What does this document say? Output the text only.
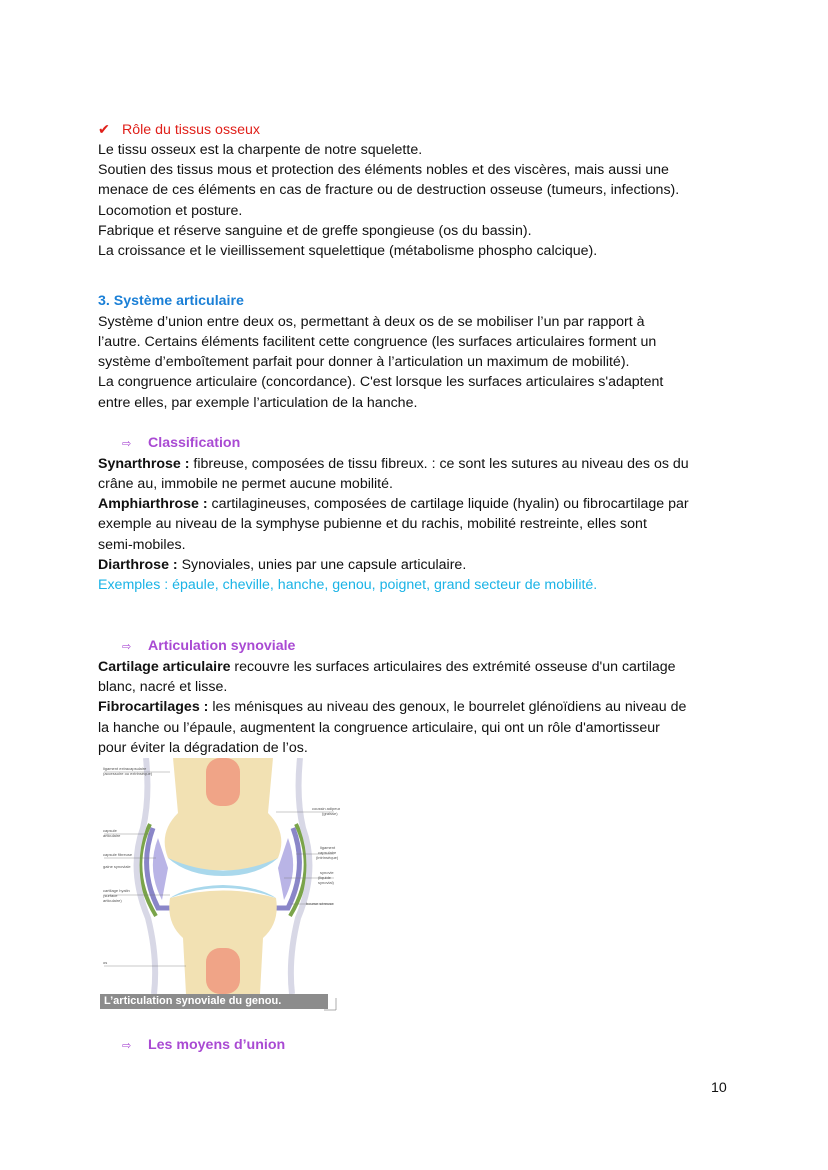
✔ Rôle du tissus osseux
Le tissu osseux est la charpente de notre squelette.
Soutien des tissus mous et protection des éléments nobles et des viscères, mais aussi une
menace de ces éléments en cas de fracture ou de destruction osseuse (tumeurs, infections).
Locomotion et posture.
Fabrique et réserve sanguine et de greffe spongieuse (os du bassin).
La croissance et le vieillissement squelettique (métabolisme phospho calcique).
3. Système articulaire
Système d’union entre deux os, permettant à deux os de se mobiliser l’un par rapport à
l’autre. Certains éléments facilitent cette congruence (les surfaces articulaires forment un
système d’emboîtement parfait pour donner à l’articulation un maximum de mobilité).
La congruence articulaire (concordance). C'est lorsque les surfaces articulaires s'adaptent
entre elles, par exemple l’articulation de la hanche.
⇨ Classification
Synarthrose : fibreuse, composées de tissu fibreux. : ce sont les sutures au niveau des os du
crâne au, immobile ne permet aucune mobilité.
Amphiarthrose : cartilagineuses, composées de cartilage liquide (hyalin) ou fibrocartilage par
exemple au niveau de la symphyse pubienne et du rachis, mobilité restreinte, elles sont
semi-mobiles.
Diarthrose : Synoviales, unies par une capsule articulaire.
Exemples : épaule, cheville, hanche, genou, poignet, grand secteur de mobilité.
⇨ Articulation synoviale
Cartilage articulaire recouvre les surfaces articulaires des extrémité osseuse d'un cartilage
blanc, nacré et lisse.
Fibrocartilages : les ménisques au niveau des genoux, le bourrelet glénoïdiens au niveau de
la hanche ou l’épaule, augmentent la congruence articulaire, qui ont un rôle d'amortisseur
pour éviter la dégradation de l’os.
ligament extracapsulaire
(accessoire ou extrinsèque)
capsule
articulaire
capsule fibreuse
gaine synoviale
cartilage hyalin
(surface
articulaire)
os
coussin adipeux
(graisse)
ligament
capsulaire
(intrinsèque)
synovie
(liquide
synovial)
bourse séreuse
L’articulation synoviale du genou.
⇨ Les moyens d’union
10
